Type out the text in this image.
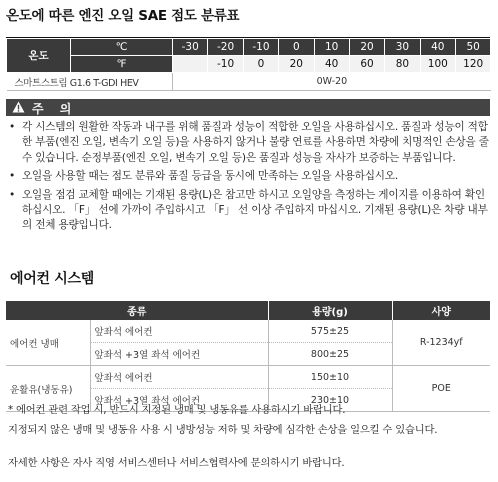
온도에 따른 엔진 오일 SAE 점도 분류표
온도	℃	-30	-20	-10	0	10	20	30	40	50
	℉		-10	0	20	40	60	80	100	120
스마트스트림 G1.6 T-GDI HEV		0W-20								
주 의
• 각 시스템의 원활한 작동과 내구를 위해 품질과 성능이 적합한 오일을 사용하십시오. 품질과 성능이 적합한 부품(엔진 오일, 변속기 오일 등)을 사용하지 않거나 불량 연료를 사용하면 차량에 치명적인 손상을 줄 수 있습니다. 순정부품(엔진 오일, 변속기 오일 등)은 품질과 성능을 자사가 보증하는 부품입니다.
• 오일을 사용할 때는 점도 분류와 품질 등급을 동시에 만족하는 오일을 사용하십시오.
• 오일을 점검 교체할 때에는 기재된 용량(L)은 참고만 하시고 오일양을 측정하는 게이지를 이용하여 확인하십시오. 「F」 선에 가까이 주입하시고 「F」 선 이상 주입하지 마십시오. 기재된 용량(L)은 차량 내부의 전체 용량입니다.
에어컨 시스템
종류		용량(g)	사양
에어컨 냉매	앞좌석 에어컨	575±25	R-1234yf
	앞좌석 +3열 좌석 에어컨	800±25	
윤활유(냉동유)	앞좌석 에어컨	150±10	POE
	앞좌석 +3열 좌석 에어컨	230±10	
* 에어컨 관련 작업 시, 반드시 지정된 냉매 및 냉동유를 사용하시기 바랍니다.
지정되지 않은 냉매 및 냉동유 사용 시 냉방성능 저하 및 차량에 심각한 손상을 일으킬 수 있습니다.
자세한 사항은 자사 직영 서비스센터나 서비스협력사에 문의하시기 바랍니다.
